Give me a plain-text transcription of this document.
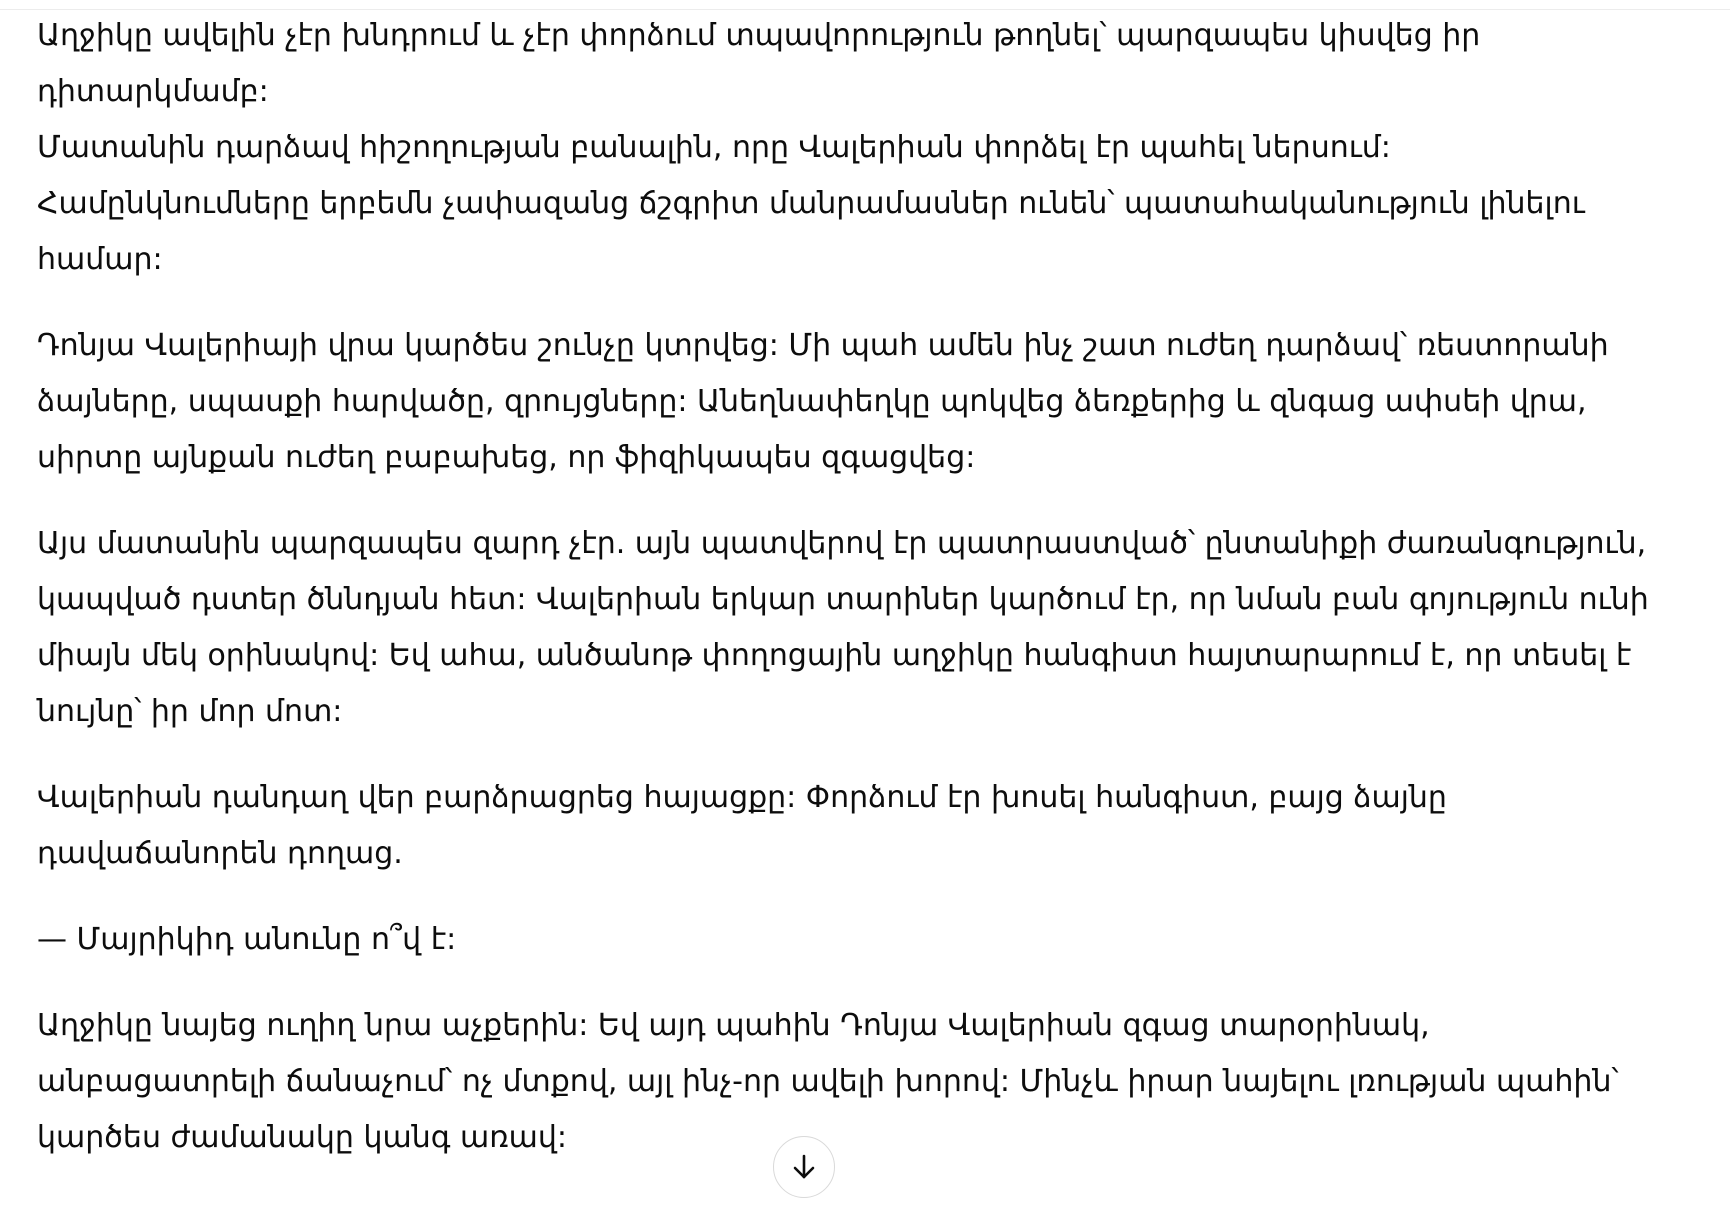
Աղջիկը ավելին չէր խնդրում և չէր փորձում տպավորություն թողնել՝ պարզապես կիսվեց իր դիտարկմամբ:

Մատանին դարձավ հիշողության բանալին, որը Վալերիան փորձել էր պահել ներսում:

Համընկնումները երբեմն չափազանց ճշգրիտ մանրամասներ ունեն՝ պատահականություն լինելու համար:

Դոնյա Վալերիայի վրա կարծես շունչը կտրվեց: Մի պահ ամեն ինչ շատ ուժեղ դարձավ՝ ռեստորանի ձայները, սպասքի հարվածը, զրույցները: Անեղնափեղկը պոկվեց ձեռքերից և զնգաց ափսեի վրա, սիրտը այնքան ուժեղ բաբախեց, որ ֆիզիկապես զգացվեց:

Այս մատանին պարզապես զարդ չէր. այն պատվերով էր պատրաստված՝ ընտանիքի ժառանգություն, կապված դստեր ծննդյան հետ: Վալերիան երկար տարիներ կարծում էր, որ նման բան գոյություն ունի միայն մեկ օրինակով: Եվ ահա, անծանոթ փողոցային աղջիկը հանգիստ հայտարարում է, որ տեսել է նույնը՝ իր մոր մոտ:

Վալերիան դանդաղ վեր բարձրացրեց հայացքը: Փորձում էր խոսել հանգիստ, բայց ձայնը դավաճանորեն դողաց.

— Մայրիկիդ անունը ո՞վ է:

Աղջիկը նայեց ուղիղ նրա աչքերին: Եվ այդ պահին Դոնյա Վալերիան զգաց տարօրինակ, անբացատրելի ճանաչում՝ ոչ մտքով, այլ ինչ-որ ավելի խորով: Մինչև իրար նայելու լռության պահին՝ կարծես ժամանակը կանգ առավ:
